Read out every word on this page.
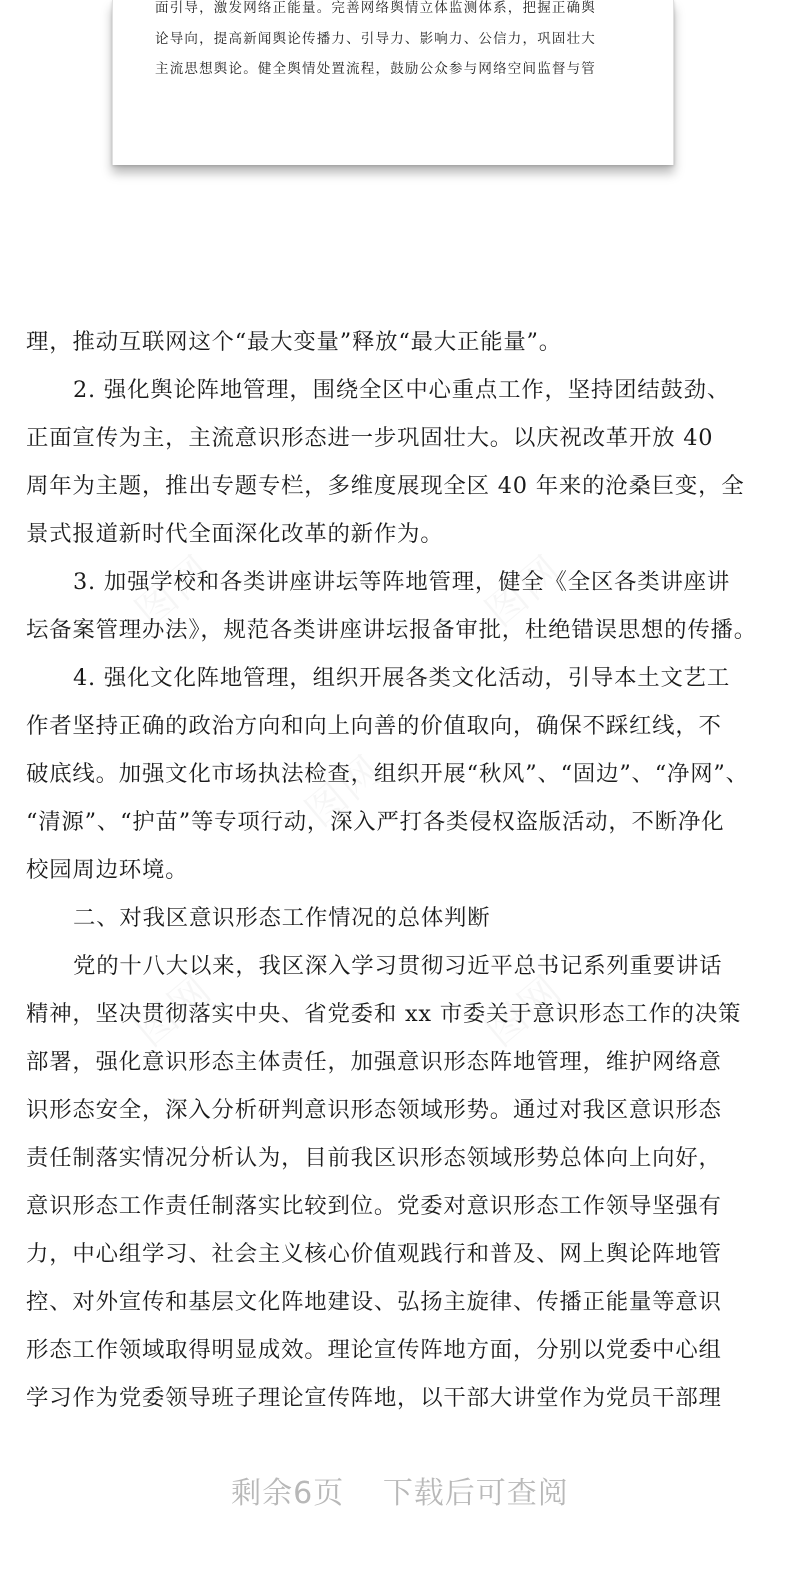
面引导，激发网络正能量。完善网络舆情立体监测体系，把握正确舆
论导向，提高新闻舆论传播力、引导力、影响力、公信力，巩固壮大
主流思想舆论。健全舆情处置流程，鼓励公众参与网络空间监督与管
理，推动互联网这个“最大变量”释放“最大正能量”。
2. 强化舆论阵地管理，围绕全区中心重点工作，坚持团结鼓劲、
正面宣传为主，主流意识形态进一步巩固壮大。以庆祝改革开放 40
周年为主题，推出专题专栏，多维度展现全区 40 年来的沧桑巨变，全
景式报道新时代全面深化改革的新作为。
3. 加强学校和各类讲座讲坛等阵地管理，健全《全区各类讲座讲
坛备案管理办法》，规范各类讲座讲坛报备审批，杜绝错误思想的传播。
4. 强化文化阵地管理，组织开展各类文化活动，引导本土文艺工
作者坚持正确的政治方向和向上向善的价值取向，确保不踩红线，不
破底线。加强文化市场执法检查，组织开展“秋风”、“固边”、“净网”、
“清源”、“护苗”等专项行动，深入严打各类侵权盗版活动，不断净化
校园周边环境。
二、对我区意识形态工作情况的总体判断
党的十八大以来，我区深入学习贯彻习近平总书记系列重要讲话
精神，坚决贯彻落实中央、省党委和 xx 市委关于意识形态工作的决策
部署，强化意识形态主体责任，加强意识形态阵地管理，维护网络意
识形态安全，深入分析研判意识形态领域形势。通过对我区意识形态
责任制落实情况分析认为，目前我区识形态领域形势总体向上向好，
意识形态工作责任制落实比较到位。党委对意识形态工作领导坚强有
力，中心组学习、社会主义核心价值观践行和普及、网上舆论阵地管
控、对外宣传和基层文化阵地建设、弘扬主旋律、传播正能量等意识
形态工作领域取得明显成效。理论宣传阵地方面，分别以党委中心组
学习作为党委领导班子理论宣传阵地，以干部大讲堂作为党员干部理
剩余6页 下载后可查阅
